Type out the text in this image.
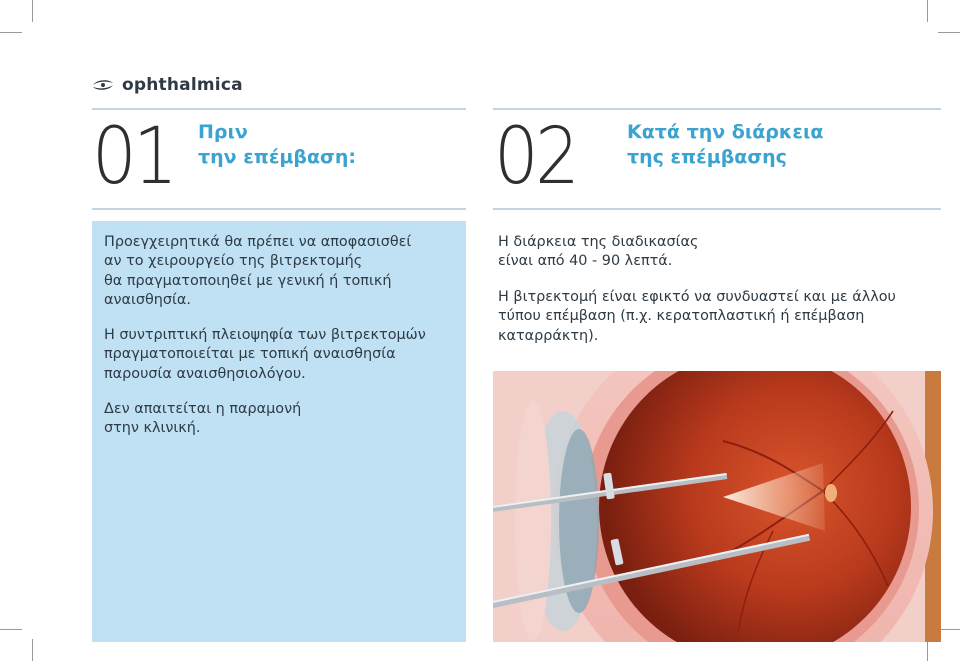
ophthalmica
01 Πριν
την επέμβαση: 02	Κατά την διάρκεια
της επέμβασης
Προεγχειρητικά θα πρέπει να αποφασισθεί
αν το χειρουργείο της βιτρεκτομής
θα πραγματοποιηθεί με γενική ή τοπική
αναισθησία.
Η συντριπτική πλειοψηφία των βιτρεκτομών
πραγματοποιείται με τοπική αναισθησία
παρουσία αναισθησιολόγου.
Δεν απαιτείται η παραμονή
στην κλινική.
Η διάρκεια της διαδικασίας
είναι από 40 - 90 λεπτά.
Η βιτρεκτομή είναι εφικτό να συνδυαστεί και με άλλου
τύπου επέμβαση (π.χ. κερατοπλαστική ή επέμβαση
καταρράκτη).
